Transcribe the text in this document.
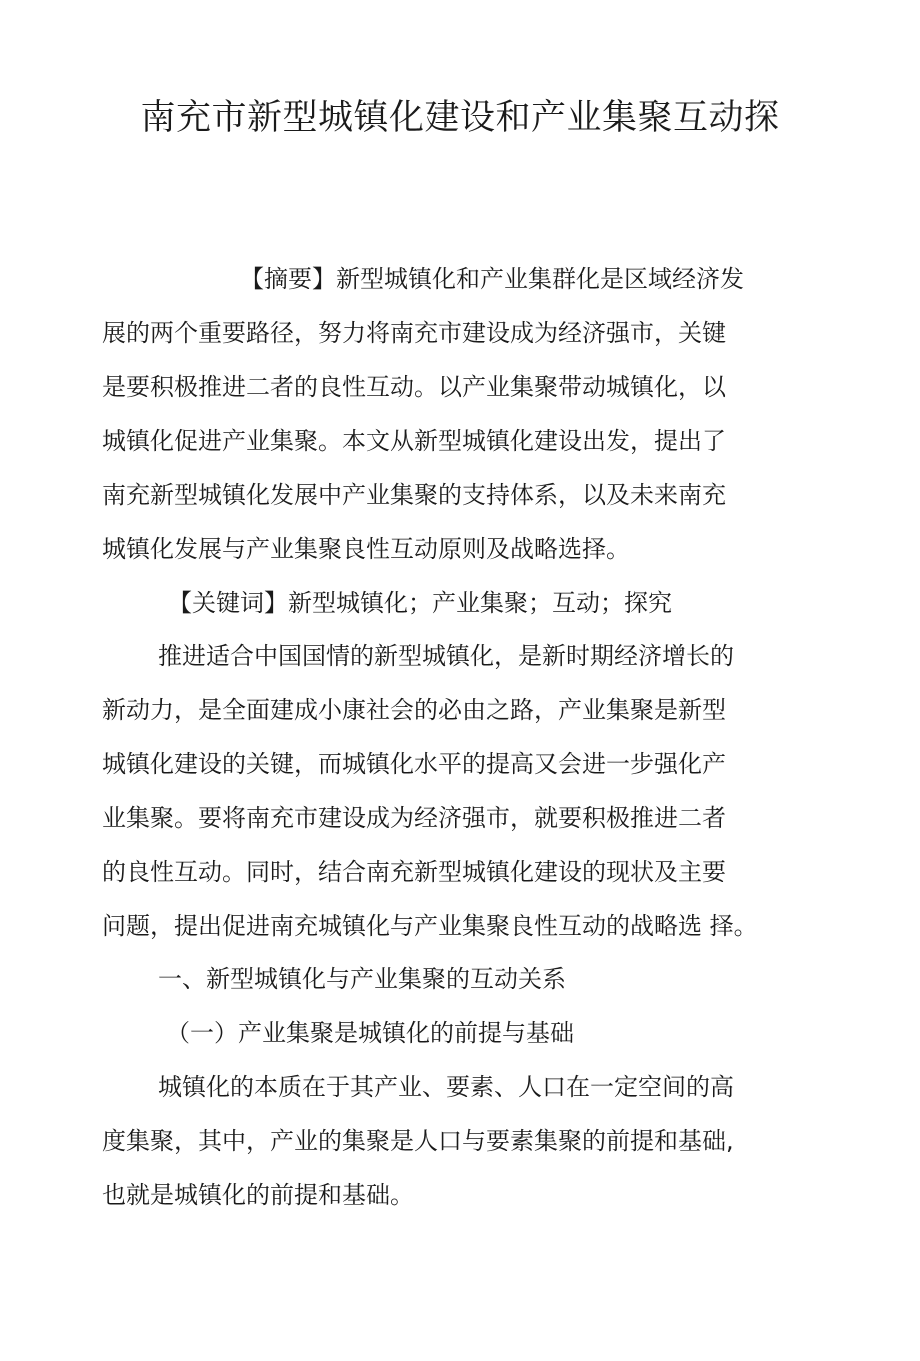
南充市新型城镇化建设和产业集聚互动探

【摘要】新型城镇化和产业集群化是区域经济发

展的两个重要路径，努力将南充市建设成为经济强市，关键

是要积极推进二者的良性互动。以产业集聚带动城镇化，以

城镇化促进产业集聚。本文从新型城镇化建设出发，提出了

南充新型城镇化发展中产业集聚的支持体系，以及未来南充

城镇化发展与产业集聚良性互动原则及战略选择。

【关键词】新型城镇化；产业集聚；互动；探究

推进适合中国国情的新型城镇化，是新时期经济增长的

新动力，是全面建成小康社会的必由之路，产业集聚是新型

城镇化建设的关键，而城镇化水平的提高又会进一步强化产

业集聚。要将南充市建设成为经济强市，就要积极推进二者

的良性互动。同时，结合南充新型城镇化建设的现状及主要

问题，提出促进南充城镇化与产业集聚良性互动的战略选 择。

一、新型城镇化与产业集聚的互动关系

（一）产业集聚是城镇化的前提与基础

城镇化的本质在于其产业、要素、人口在一定空间的高

度集聚，其中，产业的集聚是人口与要素集聚的前提和基础,

也就是城镇化的前提和基础。
